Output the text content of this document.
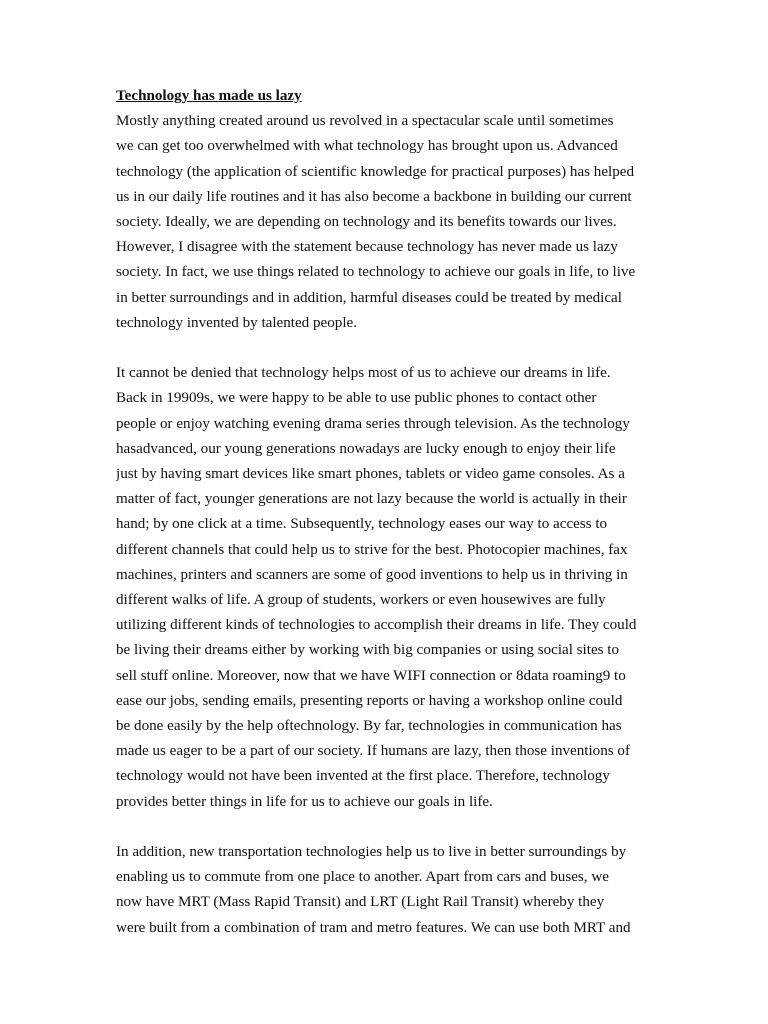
Technology has made us lazy

Mostly anything created around us revolved in a spectacular scale until sometimes
we can get too overwhelmed with what technology has brought upon us. Advanced
technology (the application of scientific knowledge for practical purposes) has helped
us in our daily life routines and it has also become a backbone in building our current
society. Ideally, we are depending on technology and its benefits towards our lives.
However, I disagree with the statement because technology has never made us lazy
society. In fact, we use things related to technology to achieve our goals in life, to live
in better surroundings and in addition, harmful diseases could be treated by medical
technology invented by talented people.
It cannot be denied that technology helps most of us to achieve our dreams in life.
Back in 19909s, we were happy to be able to use public phones to contact other
people or enjoy watching evening drama series through television. As the technology
hasadvanced, our young generations nowadays are lucky enough to enjoy their life
just by having smart devices like smart phones, tablets or video game consoles. As a
matter of fact, younger generations are not lazy because the world is actually in their
hand; by one click at a time. Subsequently, technology eases our way to access to
different channels that could help us to strive for the best. Photocopier machines, fax
machines, printers and scanners are some of good inventions to help us in thriving in
different walks of life. A group of students, workers or even housewives are fully
utilizing different kinds of technologies to accomplish their dreams in life. They could
be living their dreams either by working with big companies or using social sites to
sell stuff online. Moreover, now that we have WIFI connection or 8data roaming9 to
ease our jobs, sending emails, presenting reports or having a workshop online could
be done easily by the help oftechnology. By far, technologies in communication has
made us eager to be a part of our society. If humans are lazy, then those inventions of
technology would not have been invented at the first place. Therefore, technology
provides better things in life for us to achieve our goals in life.
In addition, new transportation technologies help us to live in better surroundings by
enabling us to commute from one place to another. Apart from cars and buses, we
now have MRT (Mass Rapid Transit) and LRT (Light Rail Transit) whereby they
were built from a combination of tram and metro features. We can use both MRT and
